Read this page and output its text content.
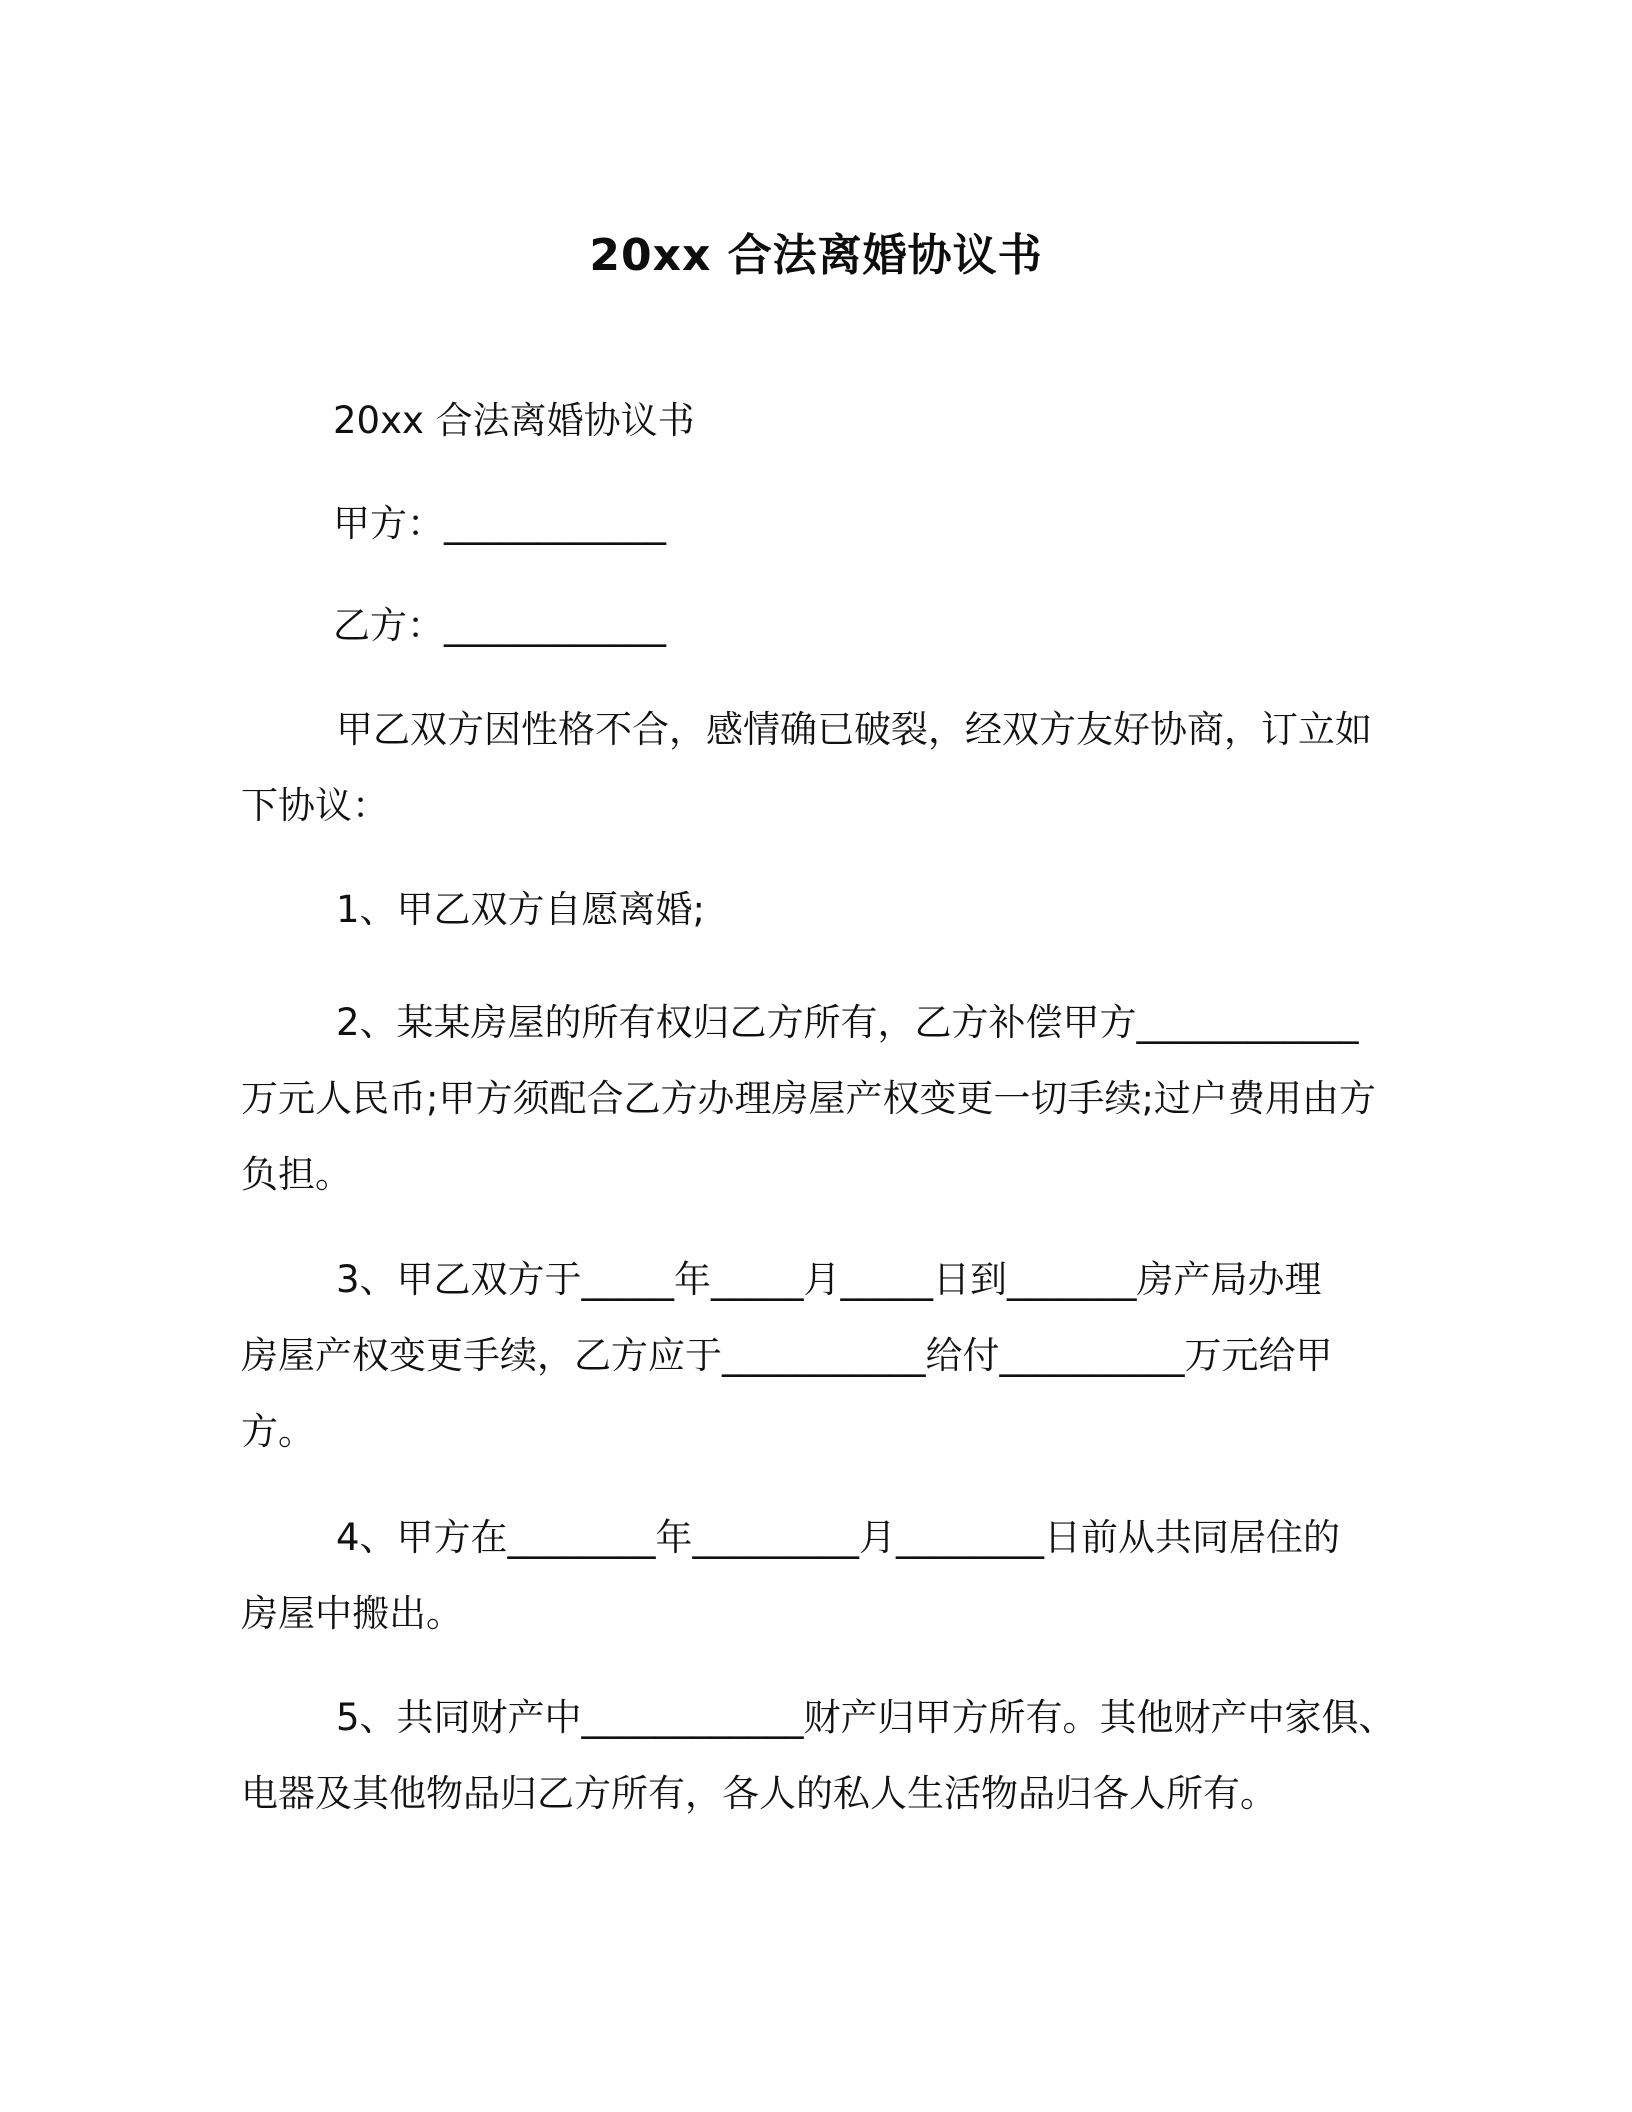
20xx 合法离婚协议书
20xx 合法离婚协议书
甲方：____________
乙方：____________
甲乙双方因性格不合，感情确已破裂，经双方友好协商，订立如
下协议：
1、甲乙双方自愿离婚;
2、某某房屋的所有权归乙方所有，乙方补偿甲方____________
万元人民币;甲方须配合乙方办理房屋产权变更一切手续;过户费用由方
负担。
3、甲乙双方于_____年_____月_____日到_______房产局办理
房屋产权变更手续，乙方应于___________给付__________万元给甲
方。
4、甲方在________年_________月________日前从共同居住的
房屋中搬出。
5、共同财产中____________财产归甲方所有。其他财产中家俱、
电器及其他物品归乙方所有，各人的私人生活物品归各人所有。
